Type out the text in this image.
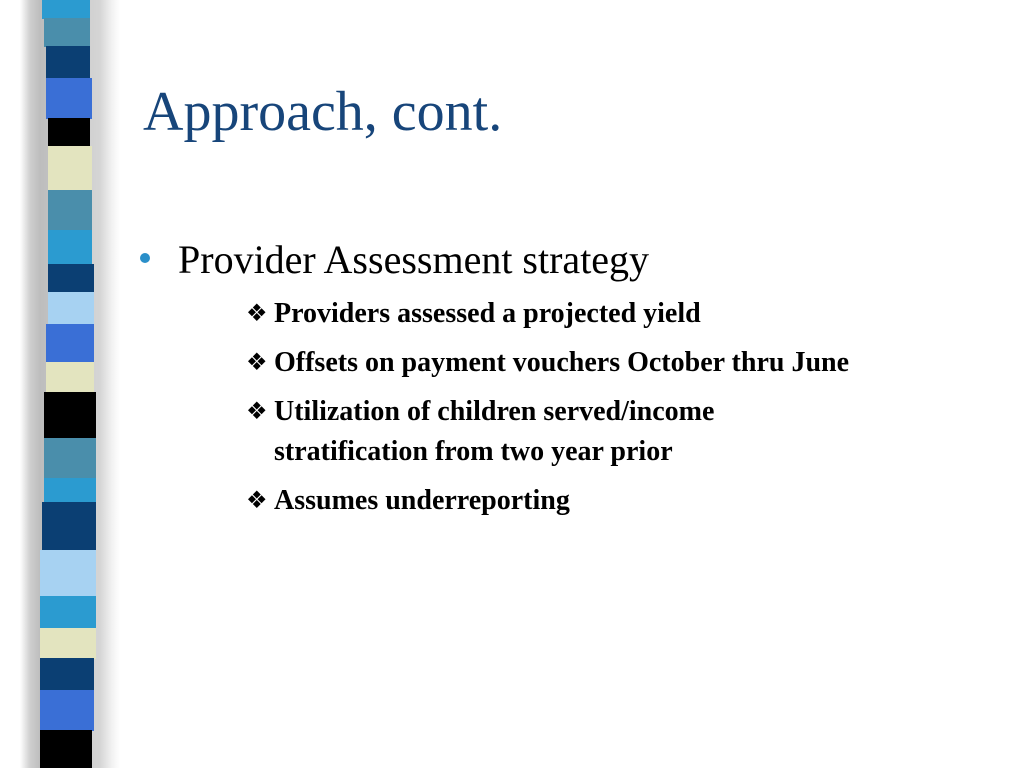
Approach, cont.
Provider Assessment strategy
❖ Providers assessed a projected yield
❖ Offsets on payment vouchers October thru June
❖ Utilization of children served/income stratification from two year prior
❖ Assumes underreporting
